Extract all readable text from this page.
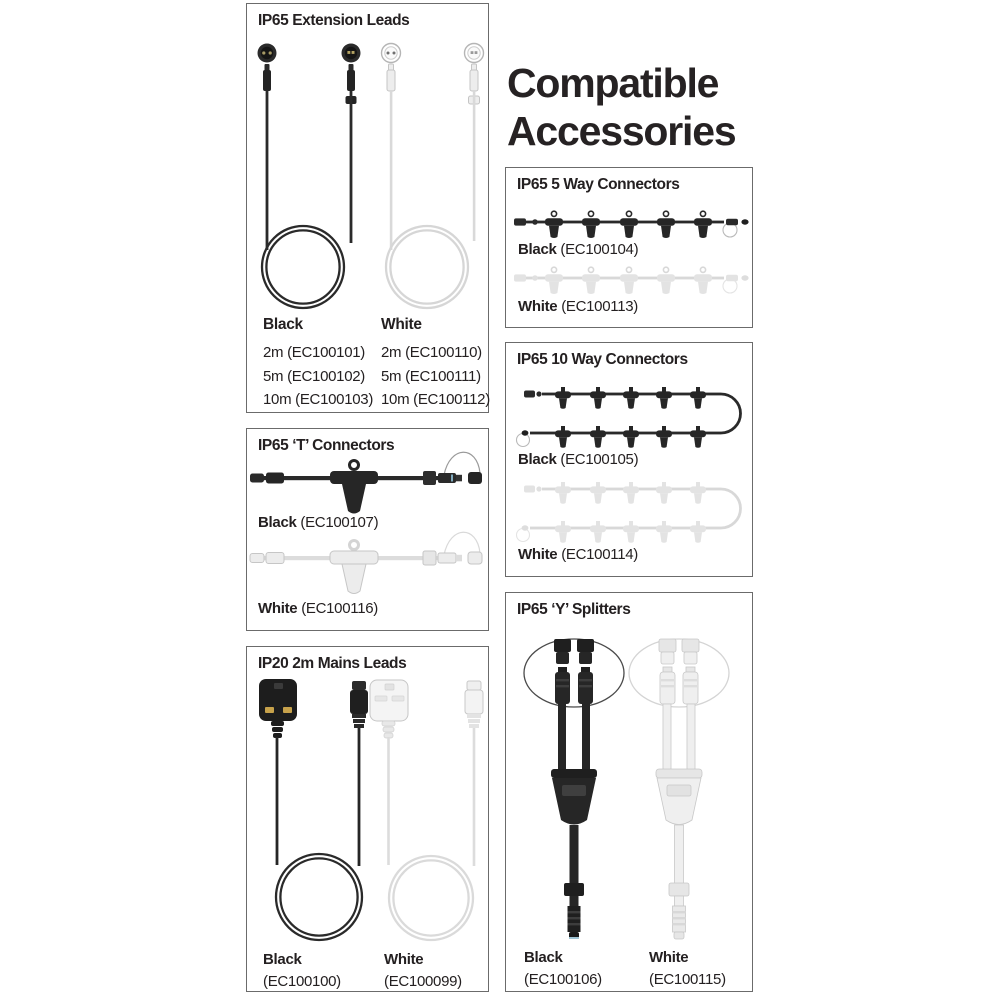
Compatible
Accessories
IP65 Extension Leads
Black
2m (EC100101)
5m (EC100102)
10m (EC100103)
White
2m (EC100110)
5m (EC100111)
10m (EC100112)
IP65 ‘T’ Connectors
Black (EC100107)
White (EC100116)
IP20 2m Mains Leads
Black
(EC100100)
White
(EC100099)
IP65 5 Way Connectors
Black (EC100104)
White (EC100113)
IP65 10 Way Connectors
Black (EC100105)
White (EC100114)
IP65 ‘Y’ Splitters
Black
(EC100106)
White
(EC100115)
